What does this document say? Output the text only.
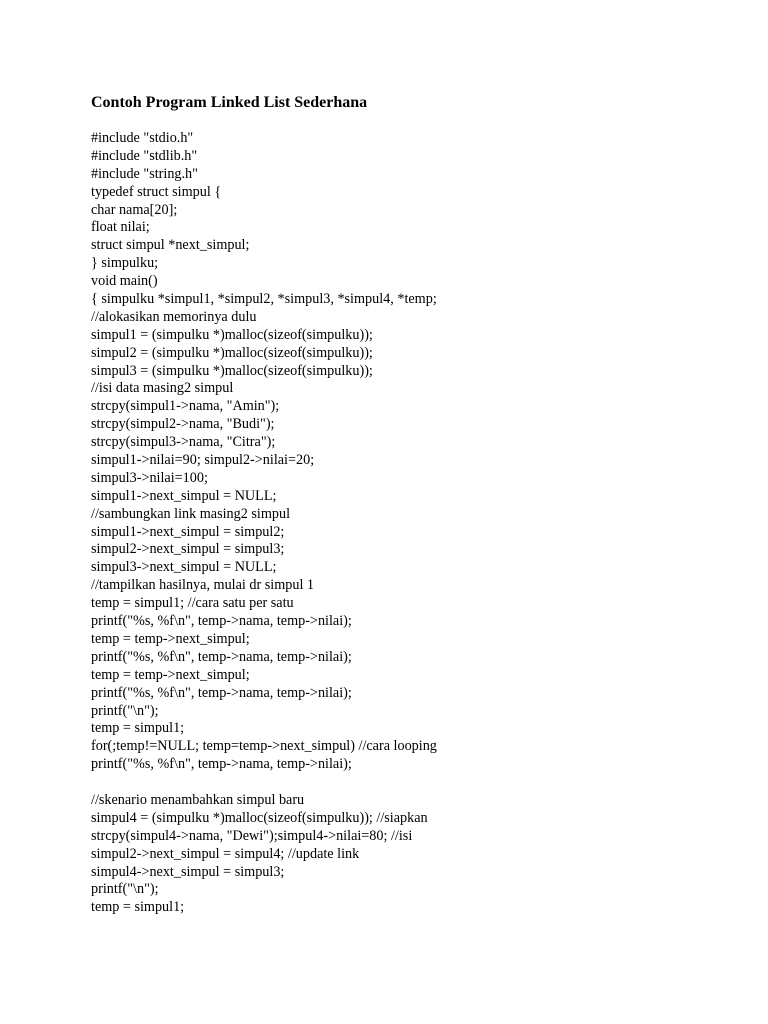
Contoh Program Linked List Sederhana
#include "stdio.h"
#include "stdlib.h"
#include "string.h"
typedef struct simpul {
char nama[20];
float nilai;
struct simpul *next_simpul;
} simpulku;
void main()
{ simpulku *simpul1, *simpul2, *simpul3, *simpul4, *temp;
//alokasikan memorinya dulu
simpul1 = (simpulku *)malloc(sizeof(simpulku));
simpul2 = (simpulku *)malloc(sizeof(simpulku));
simpul3 = (simpulku *)malloc(sizeof(simpulku));
//isi data masing2 simpul
strcpy(simpul1->nama, "Amin");
strcpy(simpul2->nama, "Budi");
strcpy(simpul3->nama, "Citra");
simpul1->nilai=90; simpul2->nilai=20;
simpul3->nilai=100;
simpul1->next_simpul = NULL;
//sambungkan link masing2 simpul
simpul1->next_simpul = simpul2;
simpul2->next_simpul = simpul3;
simpul3->next_simpul = NULL;
//tampilkan hasilnya, mulai dr simpul 1
temp = simpul1; //cara satu per satu
printf("%s, %f\n", temp->nama, temp->nilai);
temp = temp->next_simpul;
printf("%s, %f\n", temp->nama, temp->nilai);
temp = temp->next_simpul;
printf("%s, %f\n", temp->nama, temp->nilai);
printf("\n");
temp = simpul1;
for(;temp!=NULL; temp=temp->next_simpul) //cara looping
printf("%s, %f\n", temp->nama, temp->nilai);
//skenario menambahkan simpul baru
simpul4 = (simpulku *)malloc(sizeof(simpulku)); //siapkan
strcpy(simpul4->nama, "Dewi");simpul4->nilai=80; //isi
simpul2->next_simpul = simpul4; //update link
simpul4->next_simpul = simpul3;
printf("\n");
temp = simpul1;
